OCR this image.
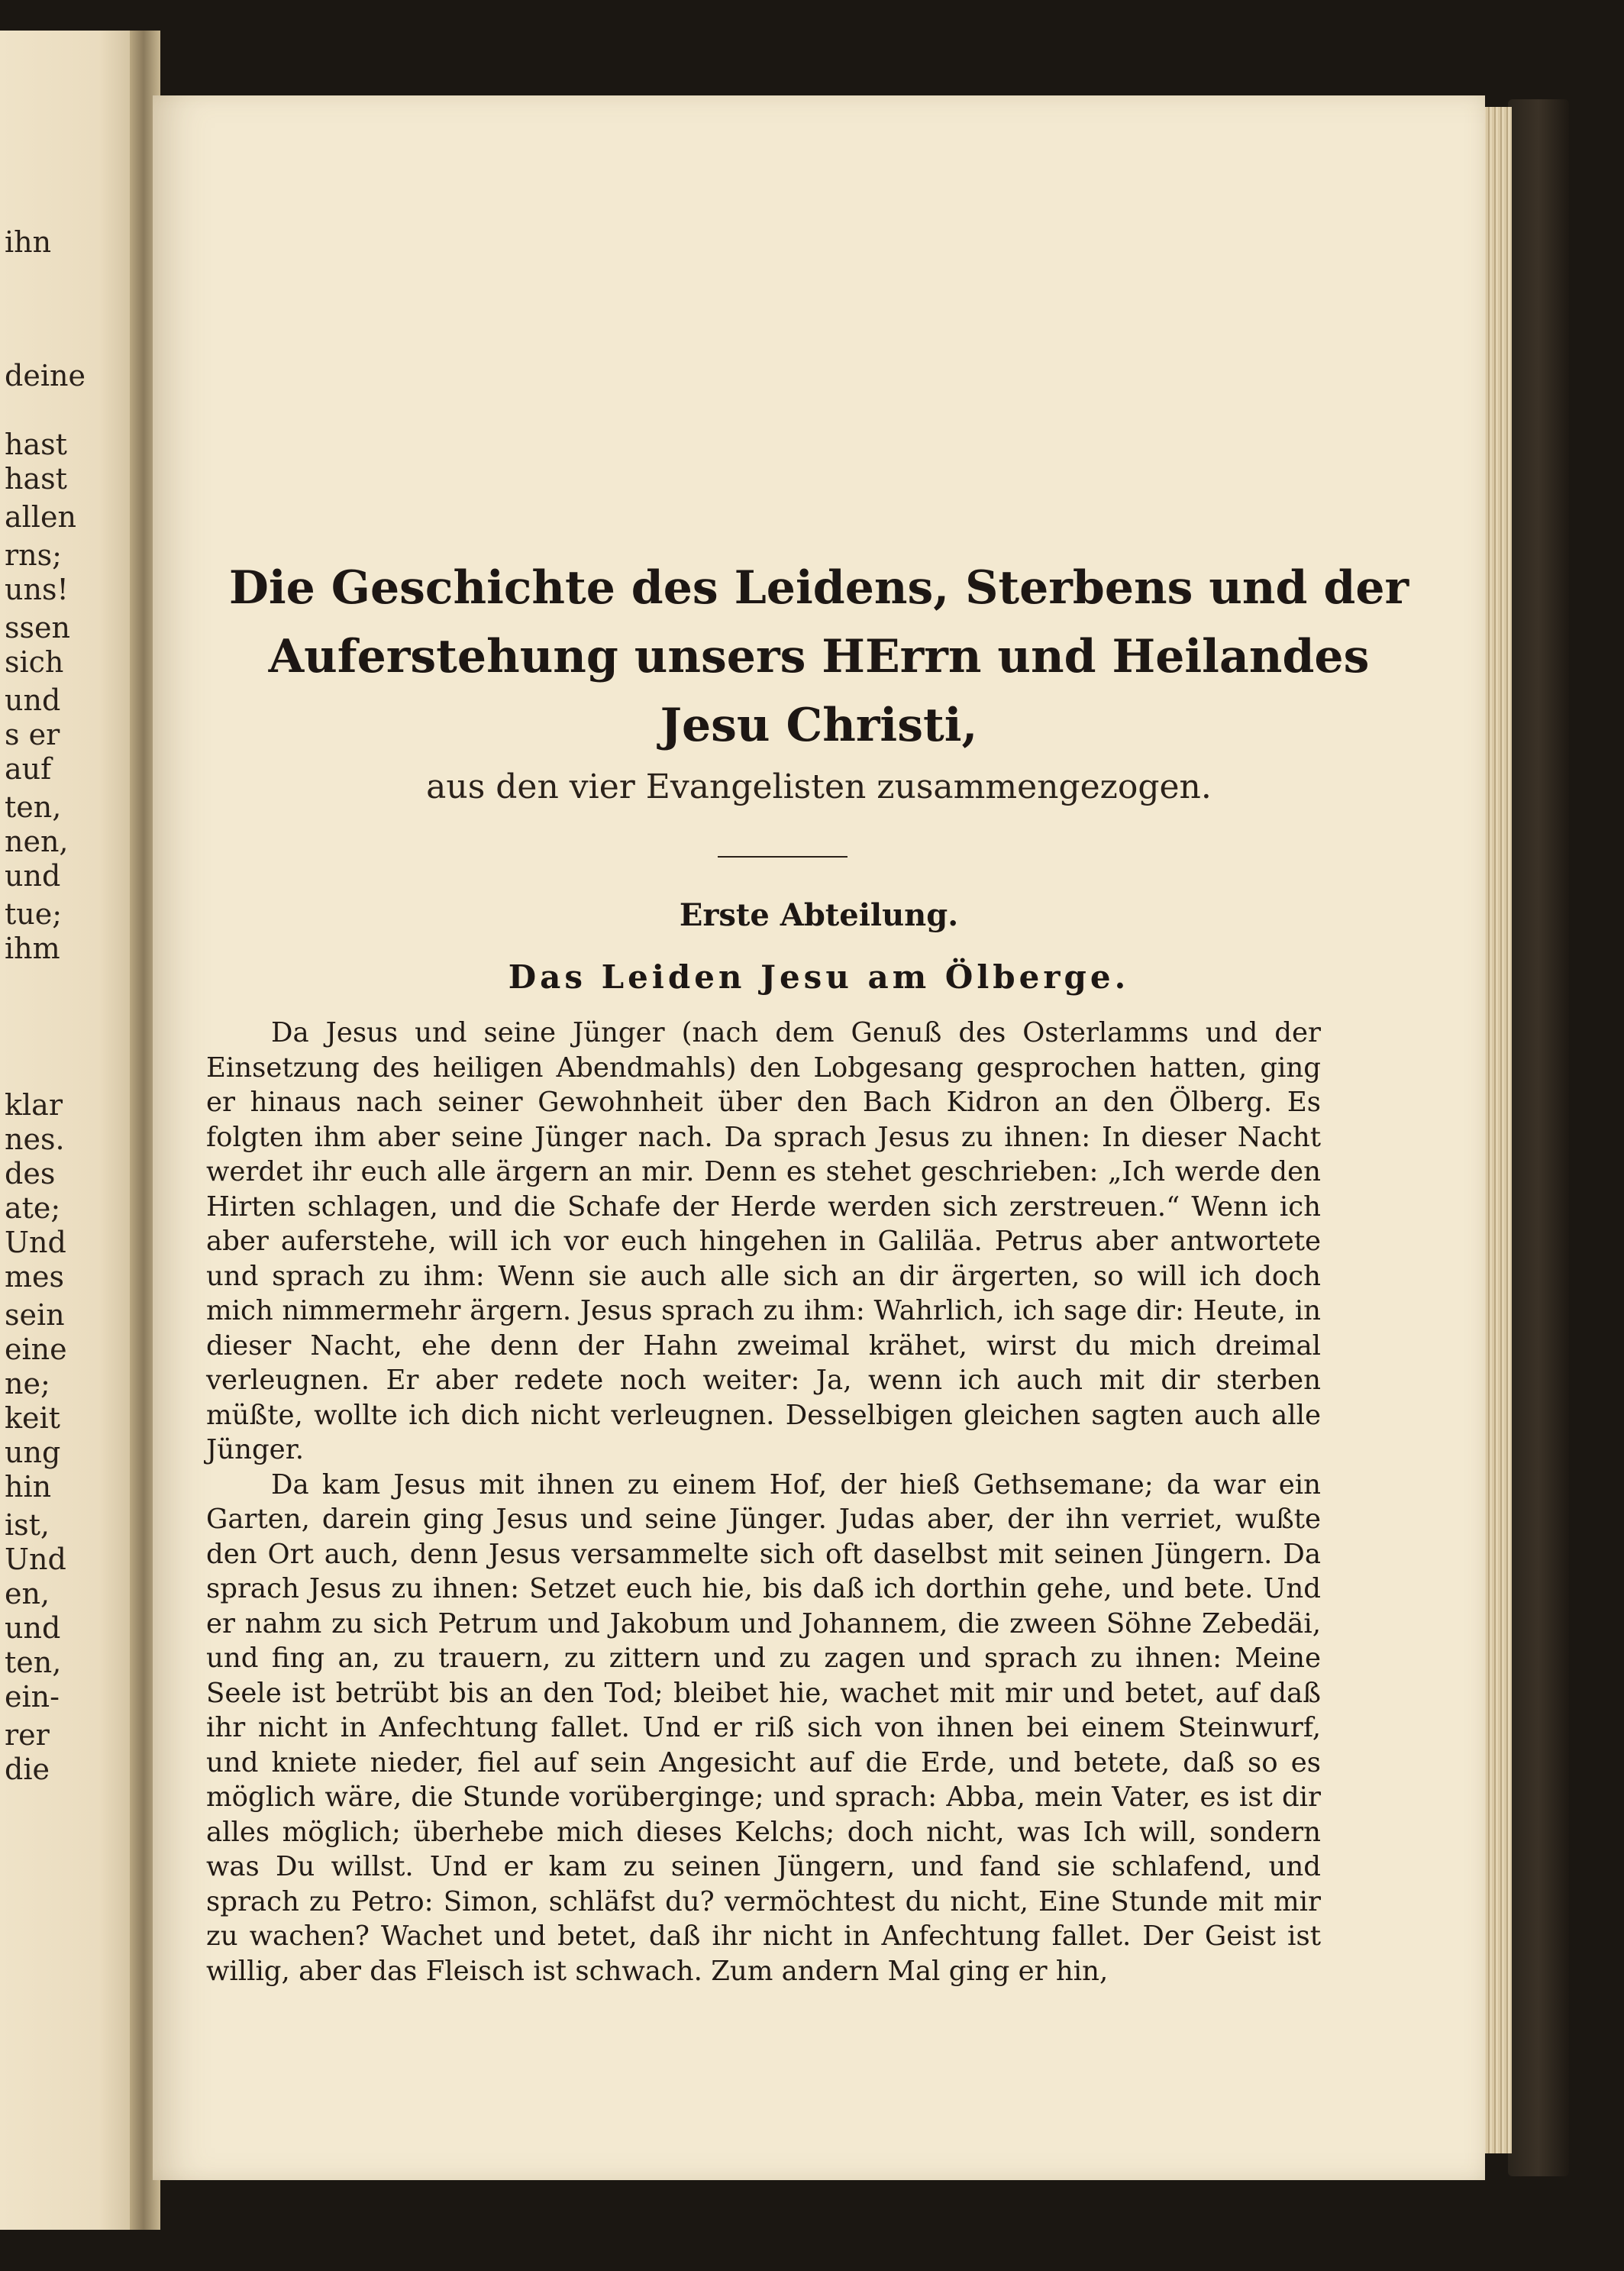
ihn
deine
hast
hast
allen
rns;
uns!
ssen
sich
und
s er
auf
ten,
nen,
und
tue;
ihm
klar
nes.
des
ate;
Und
mes
sein
eine
ne;
keit
ung
hin
ist,
Und
en,
und
ten,
ein-
rer
die
Die Geschichte des Leidens, Sterbens und der
Auferstehung unsers HErrn und Heilandes
Jesu Christi,

aus den vier Evangelisten zusammengezogen.

Erste Abteilung.
Das Leiden Jesu am Ölberge.

Da Jesus und seine Jünger (nach dem Genuß des Osterlamms und der Einsetzung des heiligen Abendmahls) den Lobgesang gesprochen hatten, ging er hinaus nach seiner Gewohnheit über den Bach Kidron an den Ölberg. Es folgten ihm aber seine Jünger nach. Da sprach Jesus zu ihnen: In dieser Nacht werdet ihr euch alle ärgern an mir. Denn es stehet geschrieben: „Ich werde den Hirten schlagen, und die Schafe der Herde werden sich zerstreuen.“ Wenn ich aber auferstehe, will ich vor euch hingehen in Galiläa. Petrus aber antwortete und sprach zu ihm: Wenn sie auch alle sich an dir ärgerten, so will ich doch mich nimmermehr ärgern. Jesus sprach zu ihm: Wahrlich, ich sage dir: Heute, in dieser Nacht, ehe denn der Hahn zweimal krähet, wirst du mich dreimal verleugnen. Er aber redete noch weiter: Ja, wenn ich auch mit dir sterben müßte, wollte ich dich nicht verleugnen. Desselbigen gleichen sagten auch alle Jünger.

Da kam Jesus mit ihnen zu einem Hof, der hieß Gethsemane; da war ein Garten, darein ging Jesus und seine Jünger. Judas aber, der ihn verriet, wußte den Ort auch, denn Jesus versammelte sich oft daselbst mit seinen Jüngern. Da sprach Jesus zu ihnen: Setzet euch hie, bis daß ich dorthin gehe, und bete. Und er nahm zu sich Petrum und Jakobum und Johannem, die zween Söhne Zebedäi, und fing an, zu trauern, zu zittern und zu zagen und sprach zu ihnen: Meine Seele ist betrübt bis an den Tod; bleibet hie, wachet mit mir und betet, auf daß ihr nicht in Anfechtung fallet. Und er riß sich von ihnen bei einem Steinwurf, und kniete nieder, fiel auf sein Angesicht auf die Erde, und betete, daß so es möglich wäre, die Stunde vorüberginge; und sprach: Abba, mein Vater, es ist dir alles möglich; überhebe mich dieses Kelchs; doch nicht, was Ich will, sondern was Du willst. Und er kam zu seinen Jüngern, und fand sie schlafend, und sprach zu Petro: Simon, schläfst du? vermöchtest du nicht, Eine Stunde mit mir zu wachen? Wachet und betet, daß ihr nicht in Anfechtung fallet. Der Geist ist willig, aber das Fleisch ist schwach. Zum andern Mal ging er hin,
